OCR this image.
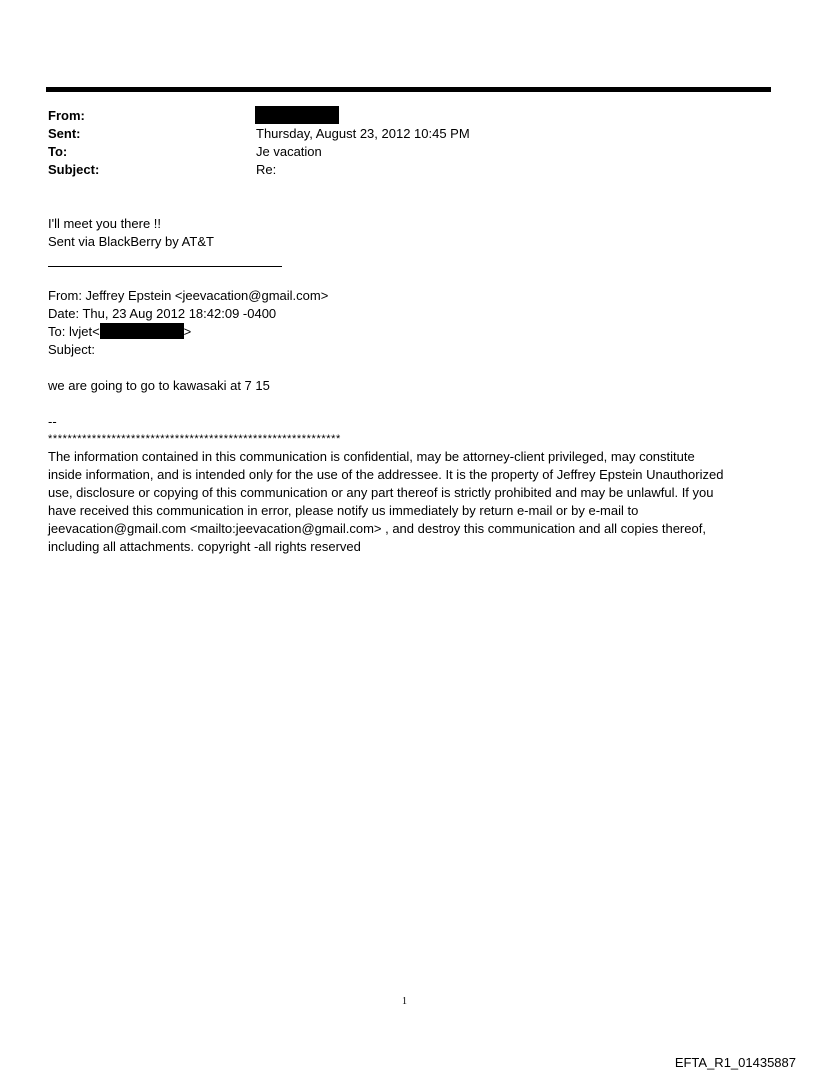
From:
Sent:	Thursday, August 23, 2012 10:45 PM
To:	Je vacation
Subject:	Re:
I'll meet you there !!
Sent via BlackBerry by AT&T
From: Jeffrey Epstein <jeevacation@gmail.com>
Date: Thu, 23 Aug 2012 18:42:09 -0400
To: lvjet<	>
Subject:
we are going to go to kawasaki at 7 15
--
************************************************************
The information contained in this communication is confidential, may be attorney-client privileged, may constitute
inside information, and is intended only for the use of the addressee. It is the property of Jeffrey Epstein Unauthorized
use, disclosure or copying of this communication or any part thereof is strictly prohibited and may be unlawful. If you
have received this communication in error, please notify us immediately by return e-mail or by e-mail to
jeevacation@gmail.com <mailto:jeevacation@gmail.com> , and destroy this communication and all copies thereof,
including all attachments. copyright -all rights reserved
1
EFTA_R1_01435887
